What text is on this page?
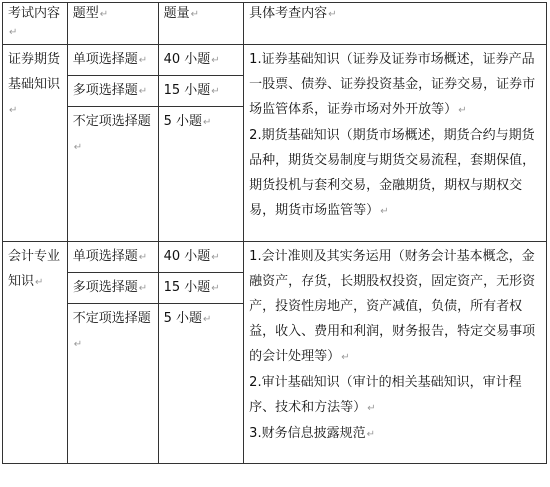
考试内容↵	题型↵	题量↵	具体考查内容↵
证券期货基础知识↵	单项选择题↵	40 小题↵	1.证券基础知识（证券及证券市场概述，证券产品一股票、债券、证券投资基金，证券交易，证券市场监管体系，证券市场对外开放等）↵
2.期货基础知识（期货市场概述，期货合约与期货品种，期货交易制度与期货交易流程，套期保值，期货投机与套利交易，金融期货，期权与期权交易，期货市场监管等）↵

	多项选择题↵	15 小题↵	
	不定项选择题↵	5 小题↵	
会计专业知识↵	单项选择题↵	40 小题↵	1.会计准则及其实务运用（财务会计基本概念，金融资产，存货，长期股权投资，固定资产，无形资产，投资性房地产，资产减值，负债，所有者权益，收入、费用和利润，财务报告，特定交易事项的会计处理等）↵
2.审计基础知识（审计的相关基础知识，审计程序、技术和方法等）↵
3.财务信息披露规范↵

	多项选择题↵	15 小题↵	
	不定项选择题↵	5 小题↵	
